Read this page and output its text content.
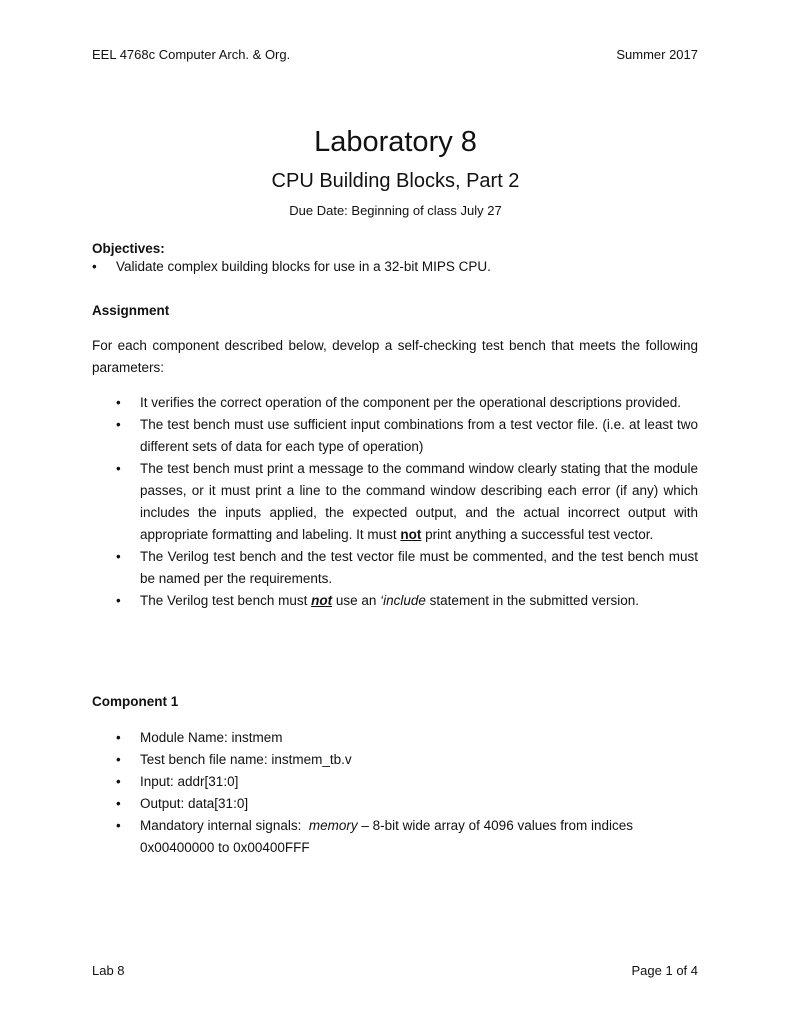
EEL 4768c Computer Arch. & Org.	Summer 2017
Laboratory 8
CPU Building Blocks, Part 2
Due Date: Beginning of class July 27
Objectives:
• Validate complex building blocks for use in a 32-bit MIPS CPU.
Assignment
For each component described below, develop a self-checking test bench that meets the following parameters:
• It verifies the correct operation of the component per the operational descriptions provided.
• The test bench must use sufficient input combinations from a test vector file. (i.e. at least two different sets of data for each type of operation)
• The test bench must print a message to the command window clearly stating that the module passes, or it must print a line to the command window describing each error (if any) which includes the inputs applied, the expected output, and the actual incorrect output with appropriate formatting and labeling. It must not print anything a successful test vector.
• The Verilog test bench and the test vector file must be commented, and the test bench must be named per the requirements.
• The Verilog test bench must not use an ‘include statement in the submitted version.
Component 1
• Module Name: instmem
• Test bench file name: instmem_tb.v
• Input: addr[31:0]
• Output: data[31:0]
• Mandatory internal signals:  memory – 8-bit wide array of 4096 values from indices 0x00400000 to 0x00400FFF
Lab 8	Page 1 of 4
